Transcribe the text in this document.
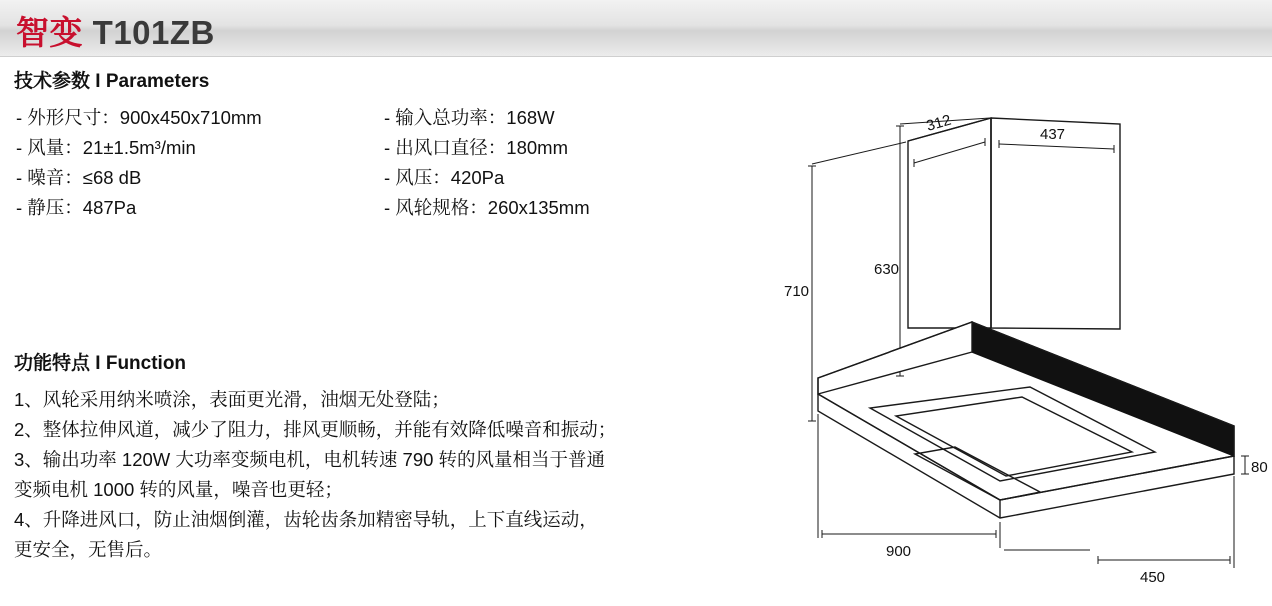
智变 T101ZB
技术参数 I Parameters
- 外形尺寸：900x450x710mm
- 风量：21±1.5m³/min
- 噪音：≤68 dB
- 静压：487Pa
- 输入总功率：168W
- 出风口直径：180mm
- 风压：420Pa
- 风轮规格：260x135mm
功能特点 I Function
1、风轮采用纳米喷涂，表面更光滑，油烟无处登陆；
2、整体拉伸风道，减少了阻力，排风更顺畅，并能有效降低噪音和振动；
3、输出功率 120W 大功率变频电机，电机转速 790 转的风量相当于普通
变频电机 1000 转的风量，噪音也更轻；
4、升降进风口，防止油烟倒灌，齿轮齿条加精密导轨，上下直线运动，
更安全，无售后。
312	437
630
710
900
450
80
